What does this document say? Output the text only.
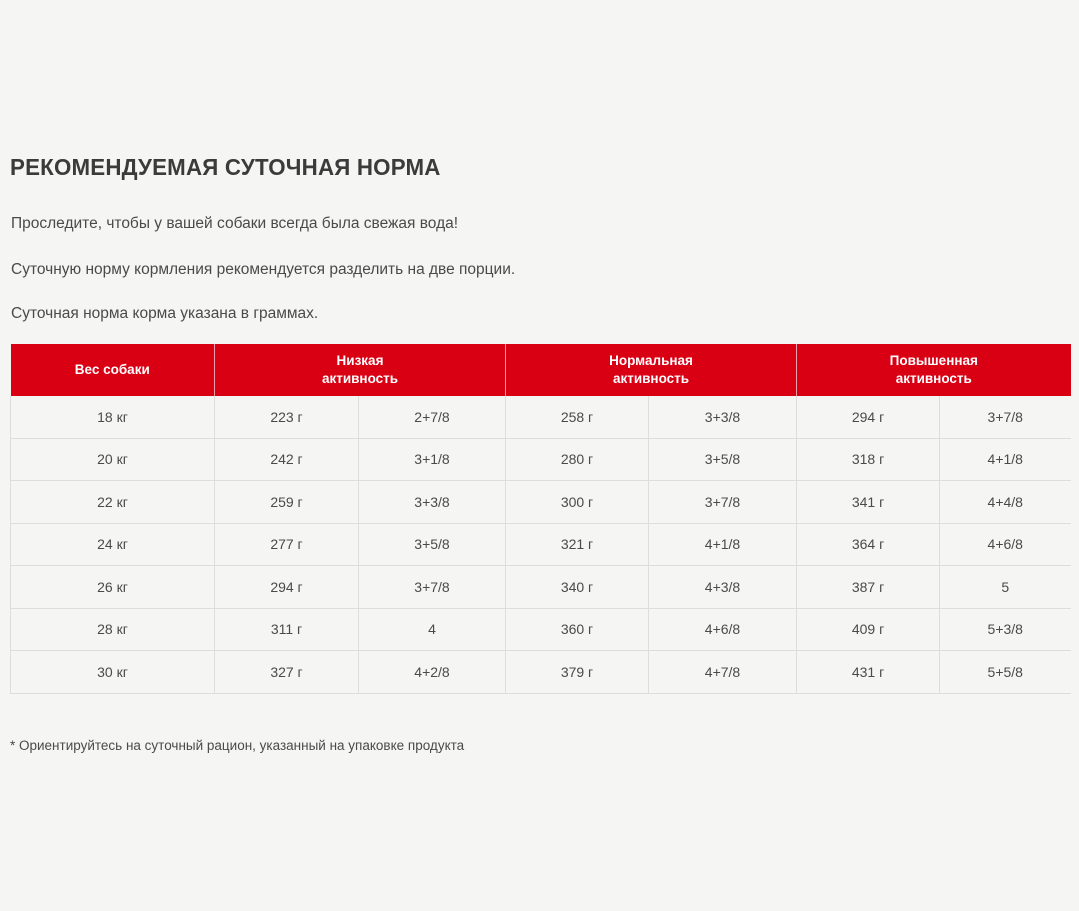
РЕКОМЕНДУЕМАЯ СУТОЧНАЯ НОРМА

Проследите, чтобы у вашей собаки всегда была свежая вода!

Суточную норму кормления рекомендуется разделить на две порции.

Суточная норма корма указана в граммах.

Вес собаки	Низкая
активность		Нормальная
активность		Повышенная
активность	
18 кг	223 г	2+7/8	258 г	3+3/8	294 г	3+7/8
20 кг	242 г	3+1/8	280 г	3+5/8	318 г	4+1/8
22 кг	259 г	3+3/8	300 г	3+7/8	341 г	4+4/8
24 кг	277 г	3+5/8	321 г	4+1/8	364 г	4+6/8
26 кг	294 г	3+7/8	340 г	4+3/8	387 г	5
28 кг	311 г	4	360 г	4+6/8	409 г	5+3/8
30 кг	327 г	4+2/8	379 г	4+7/8	431 г	5+5/8

* Ориентируйтесь на суточный рацион, указанный на упаковке продукта
